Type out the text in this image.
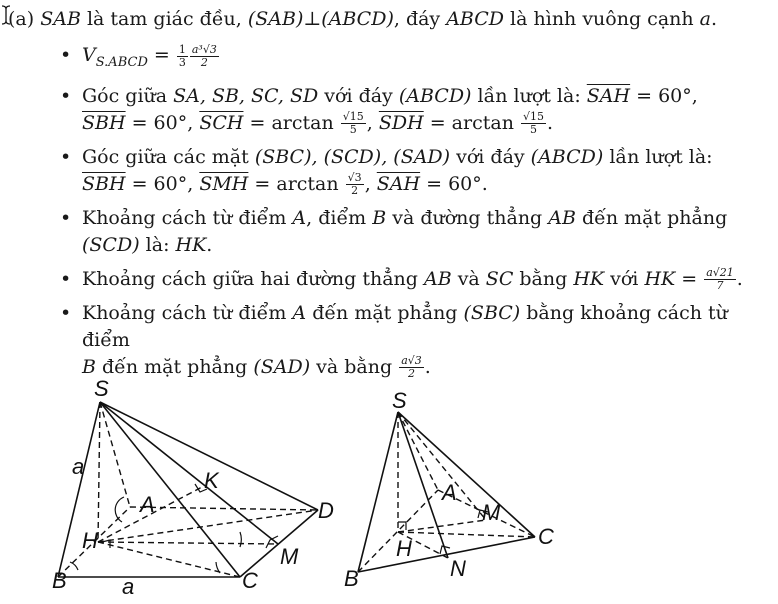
(a) SAB là tam giác đều, (SAB)⊥(ABCD), đáy ABCD là hình vuông cạnh a.
• $V_{S.ABCD} = \frac{1}{3} \frac{\text{a³√3}}{2}$
• Góc giữa SA, SB, SC, SD với đáy (ABCD) lần lượt là: $\overline{SAH} = 60^\circ$,
$\overline{SBH} = 60^\circ$, $\overline{SCH} = \arctan \frac{√15}{5}$ , $\overline{SDH} = \arctan \frac{√15}{5}$ .
• Góc giữa các mặt (SBC), (SCD), (SAD) với đáy (ABCD) lần lượt là:
$\overline{SBH} = 60^\circ$, $\overline{SMH} = \arctan \frac{√3}{2}$ , $\overline{SAH} = 60^\circ$.
• Khoảng cách từ điểm A, điểm B và đường thẳng AB đến mặt phẳng
(SCD) là: HK.
• Khoảng cách giữa hai đường thẳng AB và SC bằng HK với HK = $\frac{a√21}{7}$ .
• Khoảng cách từ điểm A đến mặt phẳng (SBC) bằng khoảng cách từ điểm
B đến mặt phẳng (SAD) và bằng $\frac{a√3}{2}$ .
S
a
A
K
D
H
M
B	a	C
S
A
M
C
H
N
B
